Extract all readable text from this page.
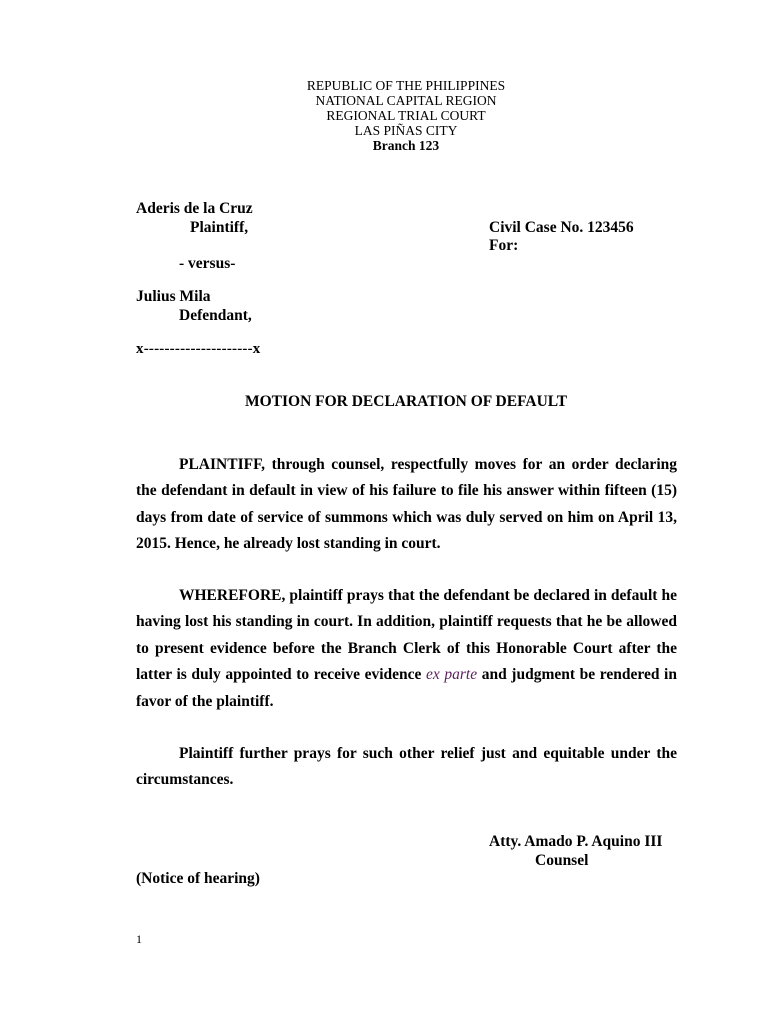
REPUBLIC OF THE PHILIPPINES
NATIONAL CAPITAL REGION
REGIONAL TRIAL COURT
LAS PIÑAS CITY
Branch 123
Aderis de la Cruz
Plaintiff,	Civil Case No. 123456
For:
- versus-
Julius Mila
Defendant,
x---------------------x
MOTION FOR DECLARATION OF DEFAULT

PLAINTIFF, through counsel, respectfully moves for an order declaring the defendant in default in view of his failure to file his answer within fifteen (15) days from date of service of summons which was duly served on him on April 13, 2015. Hence, he already lost standing in court.

WHEREFORE, plaintiff prays that the defendant be declared in default he having lost his standing in court. In addition, plaintiff requests that he be allowed to present evidence before the Branch Clerk of this Honorable Court after the latter is duly appointed to receive evidence ex parte and judgment be rendered in favor of the plaintiff.

Plaintiff further prays for such other relief just and equitable under the circumstances.

Atty. Amado P. Aquino III
Counsel
(Notice of hearing)
1
